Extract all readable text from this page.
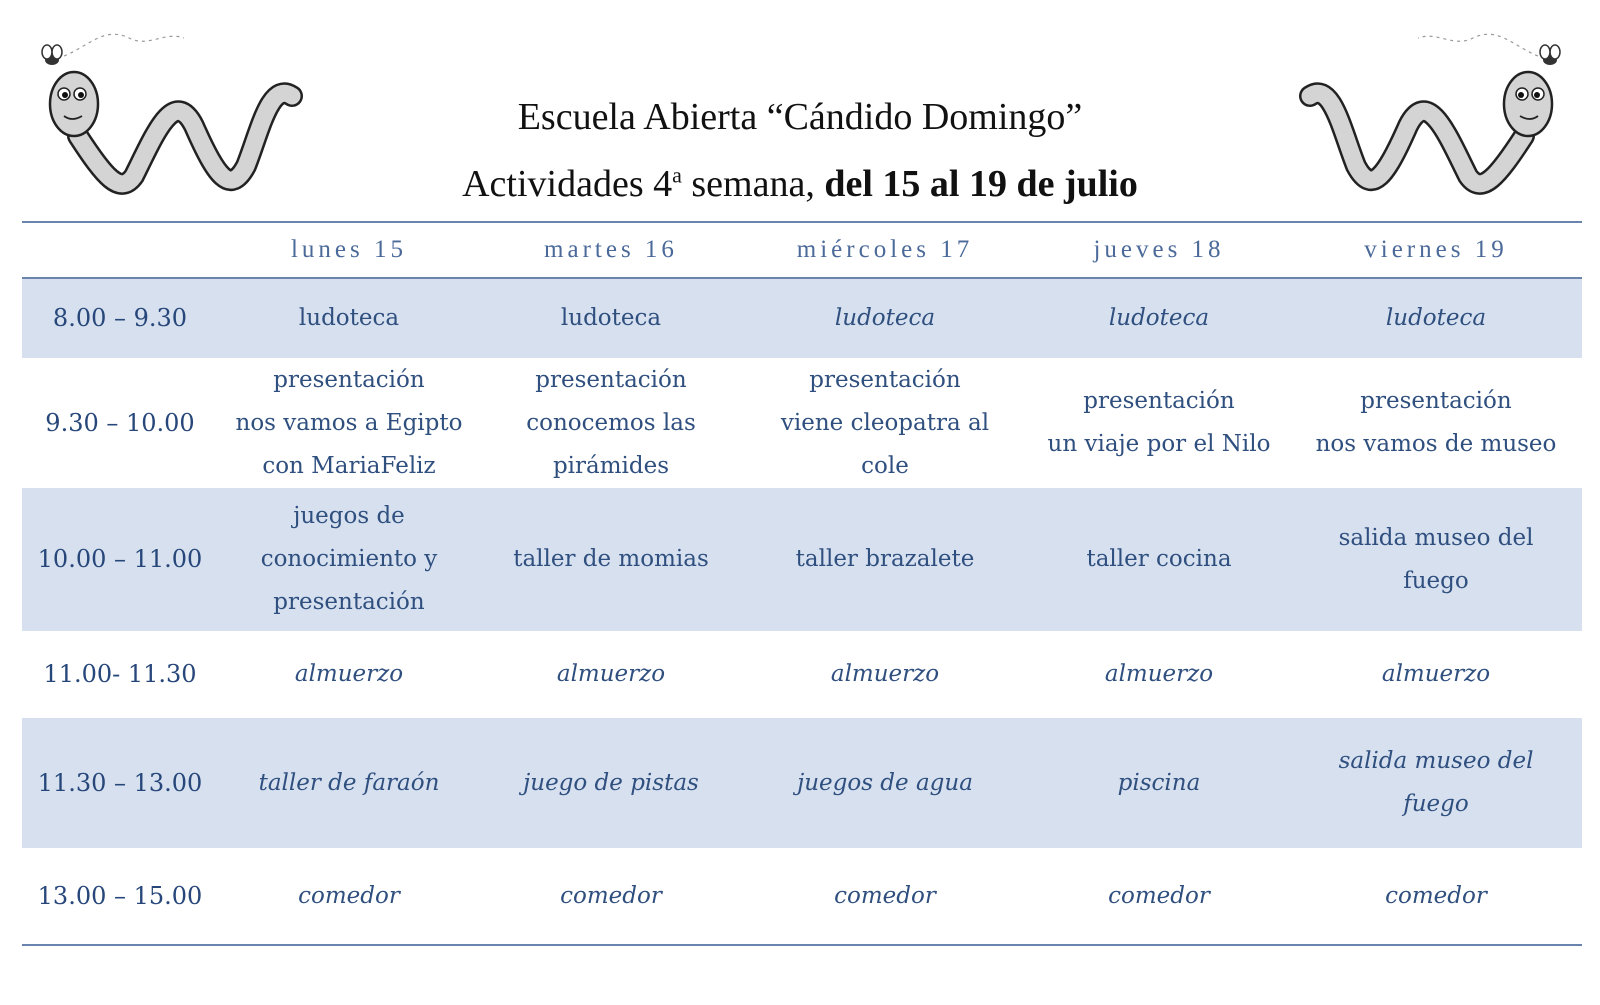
Escuela Abierta “Cándido Domingo”
Actividades 4$^a$ semana, del 15 al 19 de julio
	lunes 15	martes 16	miércoles 17	jueves 18	viernes 19
8.00 – 9.30	ludoteca	ludoteca	ludoteca	ludoteca	ludoteca
9.30 – 10.00	presentación
nos vamos a Egipto
con MariaFeliz	presentación
conocemos las
pirámides	presentación
viene cleopatra al
cole	presentación
un viaje por el Nilo	presentación
nos vamos de museo
10.00 – 11.00	juegos de
conocimiento y
presentación	taller de momias	taller brazalete	taller cocina	salida museo del
fuego
11.00- 11.30	almuerzo	almuerzo	almuerzo	almuerzo	almuerzo
11.30 – 13.00	taller de faraón	juego de pistas	juegos de agua	piscina	salida museo del
fuego
13.00 – 15.00	comedor	comedor	comedor	comedor	comedor
